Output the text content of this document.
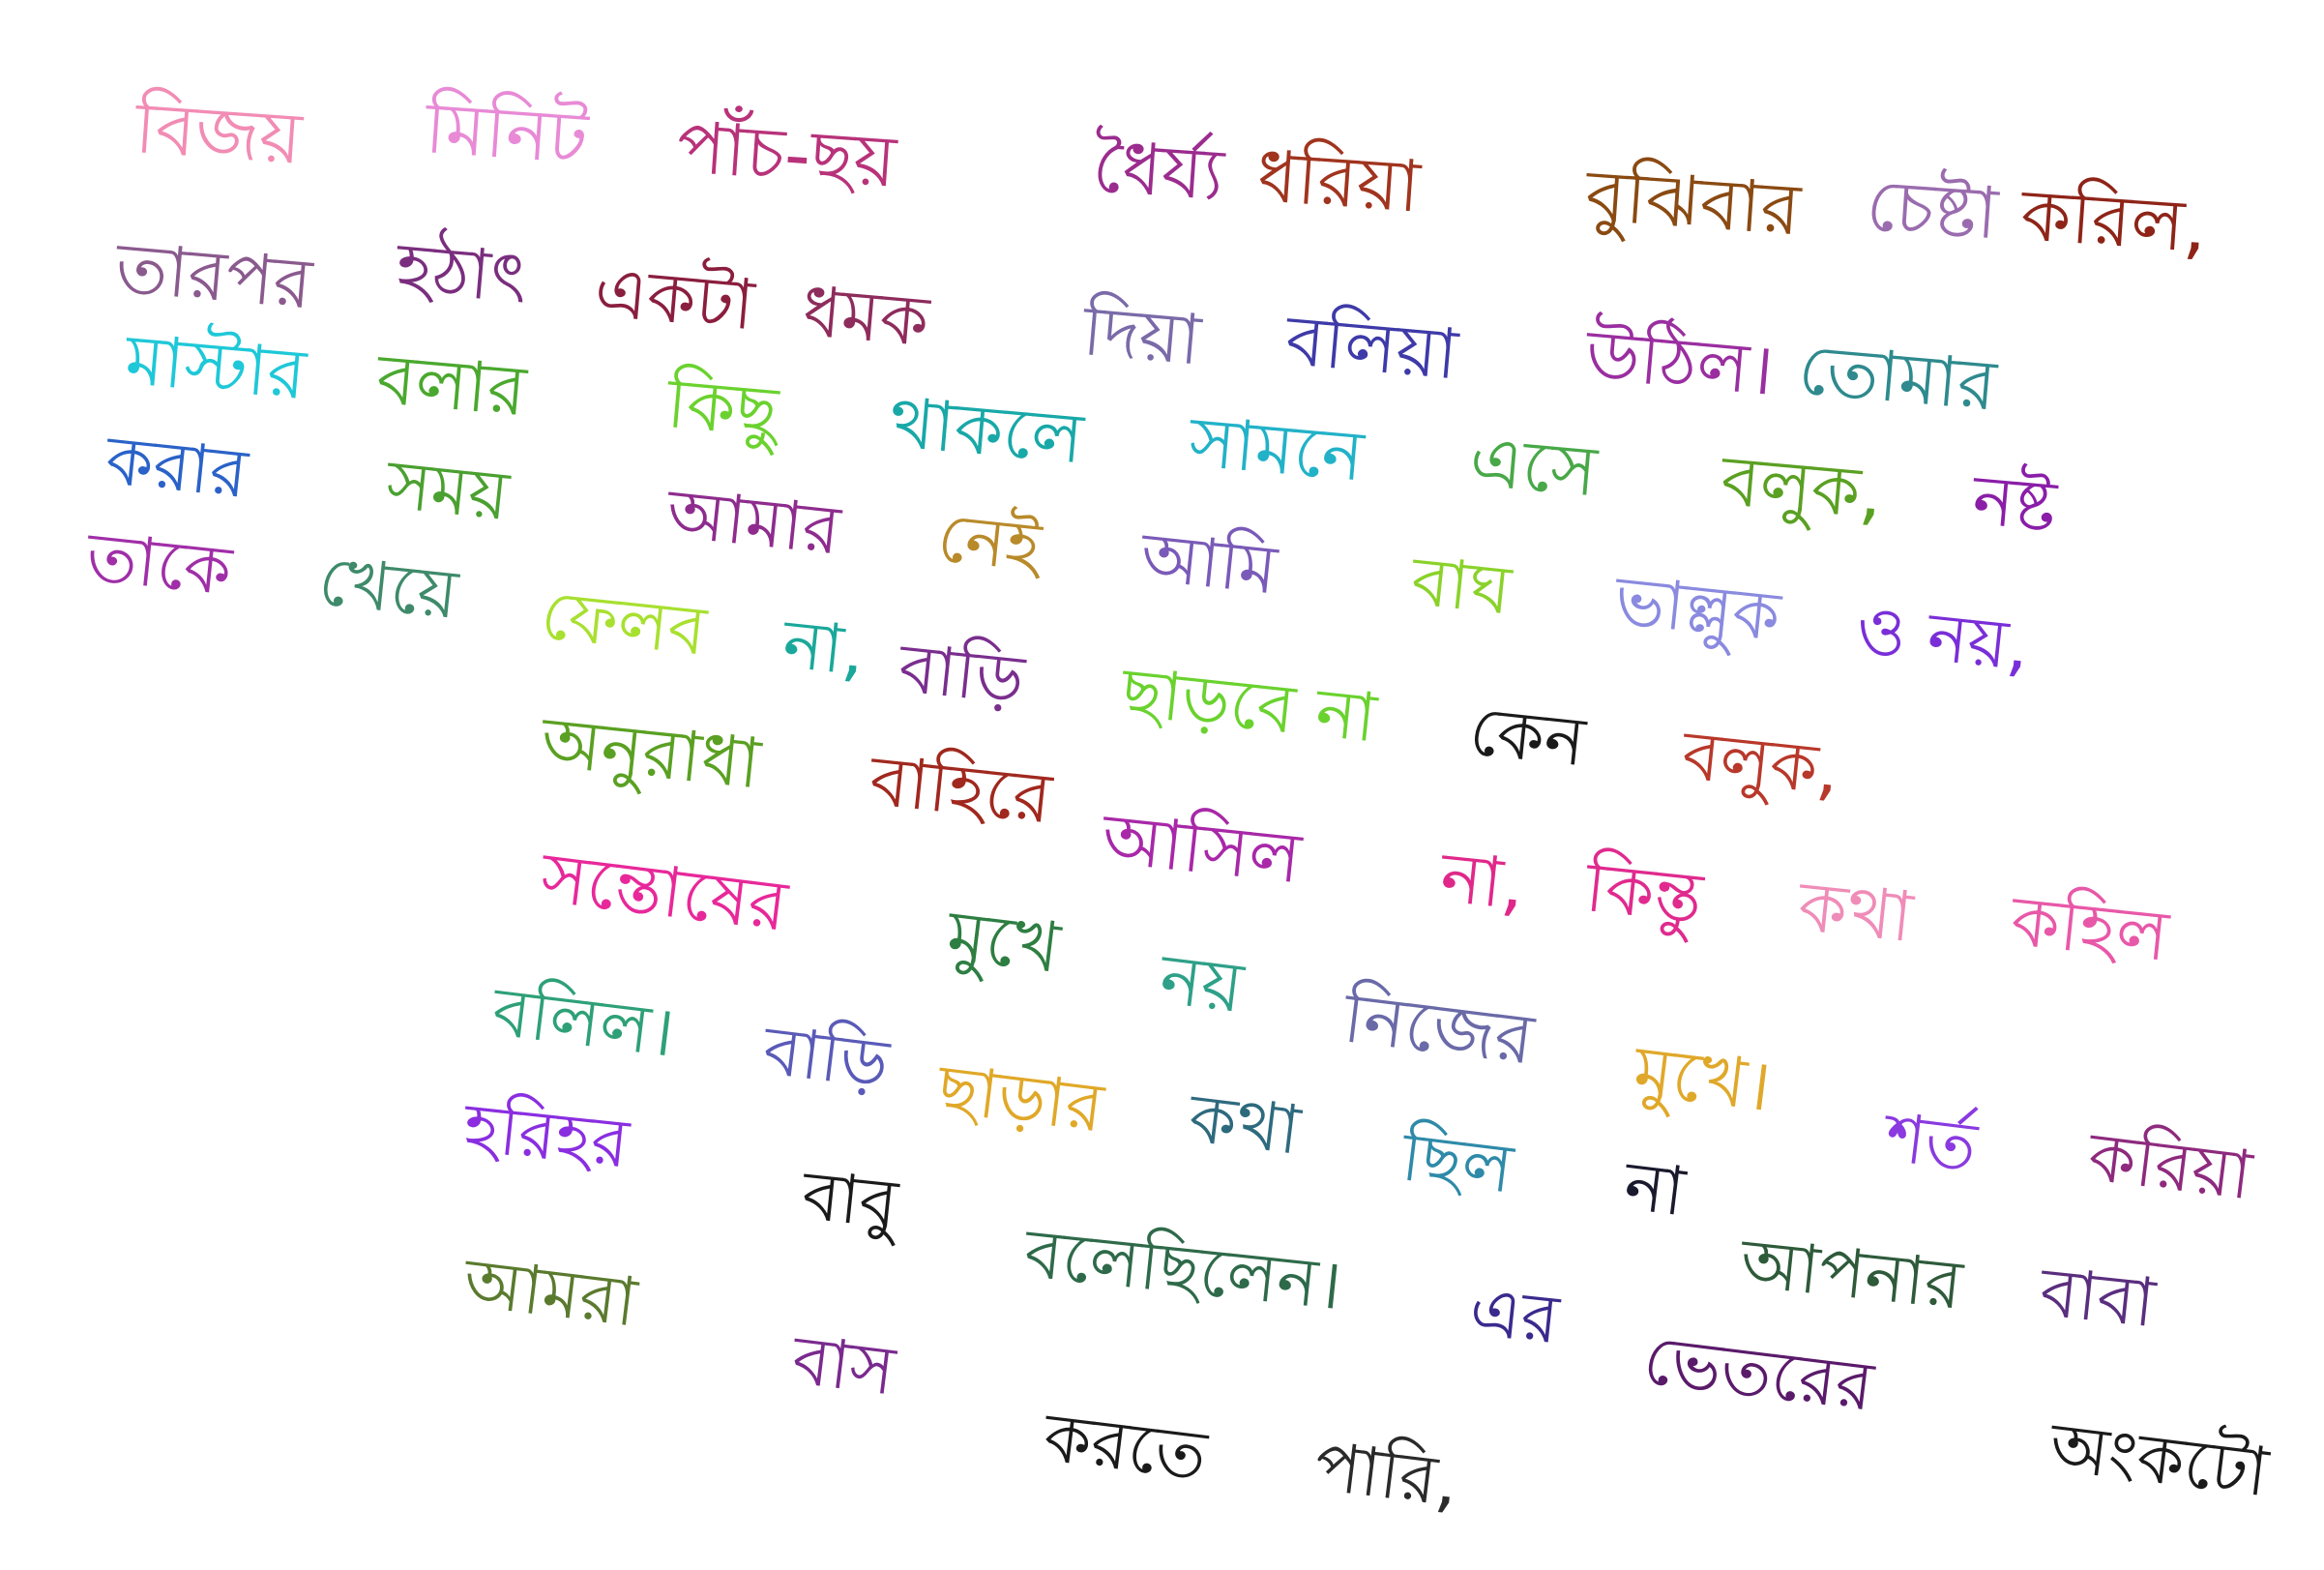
বিজয় মিনিট পাঁচ-ছয়	ধৈর্য্য ধরিয়া বুঝিবার চেষ্টা করিল,
তারপর হঠাৎ একটা ধমক দিয়া বলিয়া উঠিল। তোমার
মাস্টার বলার কিছু থাকলে সামনে এসে বলুক, নষ্ট
করার সময় আমার নেই আমি বাঘ ভাল্লুক ও নয়,
তাকে খেয়ে ফেলব না, বাড়ি ছাড়বে না কেন বলুক,
অনুরাধা বাহিরে
আসিল না, কিন্তু কথা কহিল
সন্তোষের মুখে নয় নিজের মুখে।
বলিল। বাড়ি ছাড়ার কথা ছিল না
শর্ত করিয়া
হরিহর
বাবু
বলেছিলেন। এর	আপনার বাবা
আমরা
বাস
করতে পারি,
ভেতরের
অংকটো
